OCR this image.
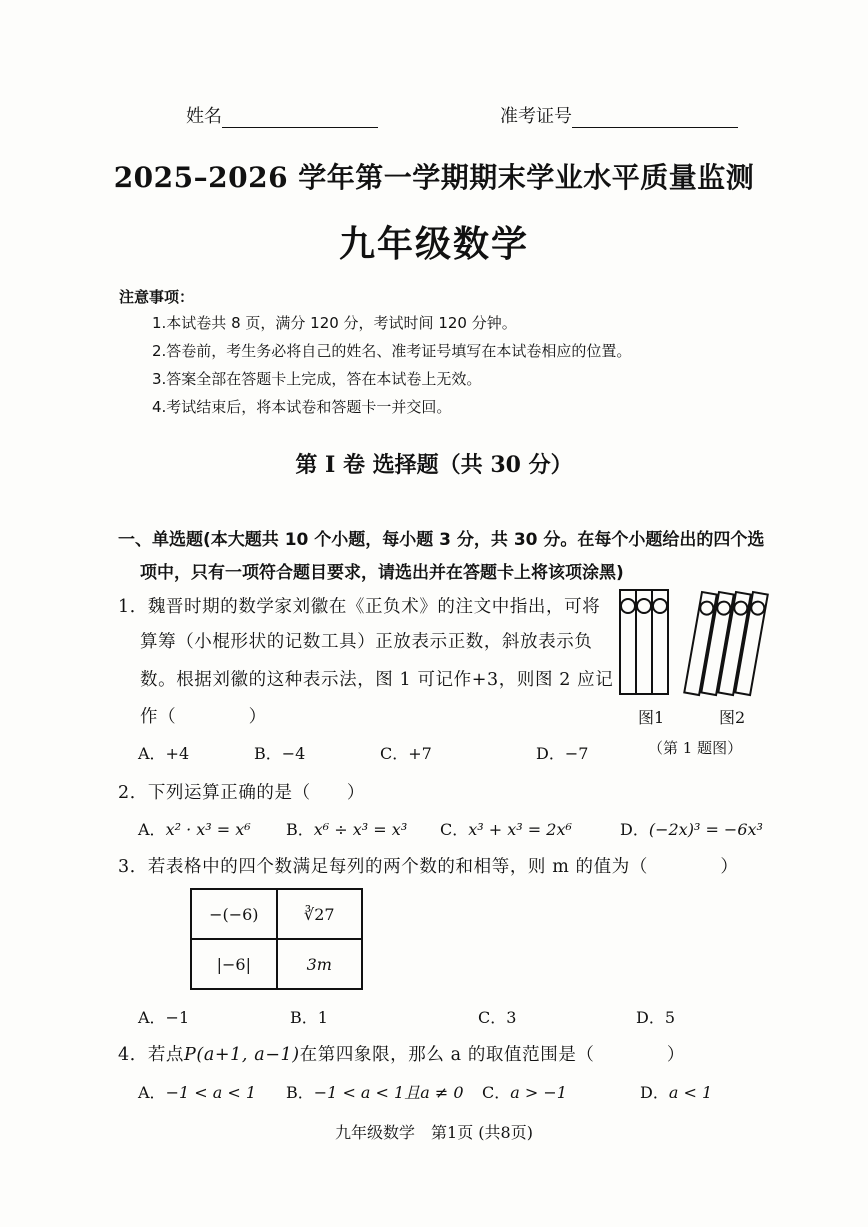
姓名	准考证号
2025–2026 学年第一学期期末学业水平质量监测
九年级数学
注意事项：
1.本试卷共 8 页，满分 120 分，考试时间 120 分钟。
2.答卷前，考生务必将自己的姓名、准考证号填写在本试卷相应的位置。
3.答案全部在答题卡上完成，答在本试卷上无效。
4.考试结束后，将本试卷和答题卡一并交回。
第 I 卷 选择题（共 30 分）
一、单选题(本大题共 10 个小题，每小题 3 分，共 30 分。在每个小题给出的四个选
项中，只有一项符合题目要求，请选出并在答题卡上将该项涂黑)
1．魏晋时期的数学家刘徽在《正负术》的注文中指出，可将
算筹（小棍形状的记数工具）正放表示正数，斜放表示负
数。根据刘徽的这种表示法，图 1 可记作+3，则图 2 应记
作（　　　　）
A．+4	B．−4	C．+7	D．−7
图1	图2
（第 1 题图）
2．下列运算正确的是（　　）
A．x² · x³ = x⁶ B．x⁶ ÷ x³ = x³ C．x³ + x³ = 2x⁶	D．(−2x)³ = −6x³
3．若表格中的四个数满足每列的两个数的和相等，则 m 的值为（　　　　）
−(−6)	∛27
|−6|	3m
A．−1	B．1	C．3	D．5
4．若点P(a+1, a−1)在第四象限，那么 a 的取值范围是（　　　　）
A．−1 < a < 1 B．−1 < a < 1且a ≠ 0 C．a > −1	D．a < 1
九年级数学　第1页 (共8页)
